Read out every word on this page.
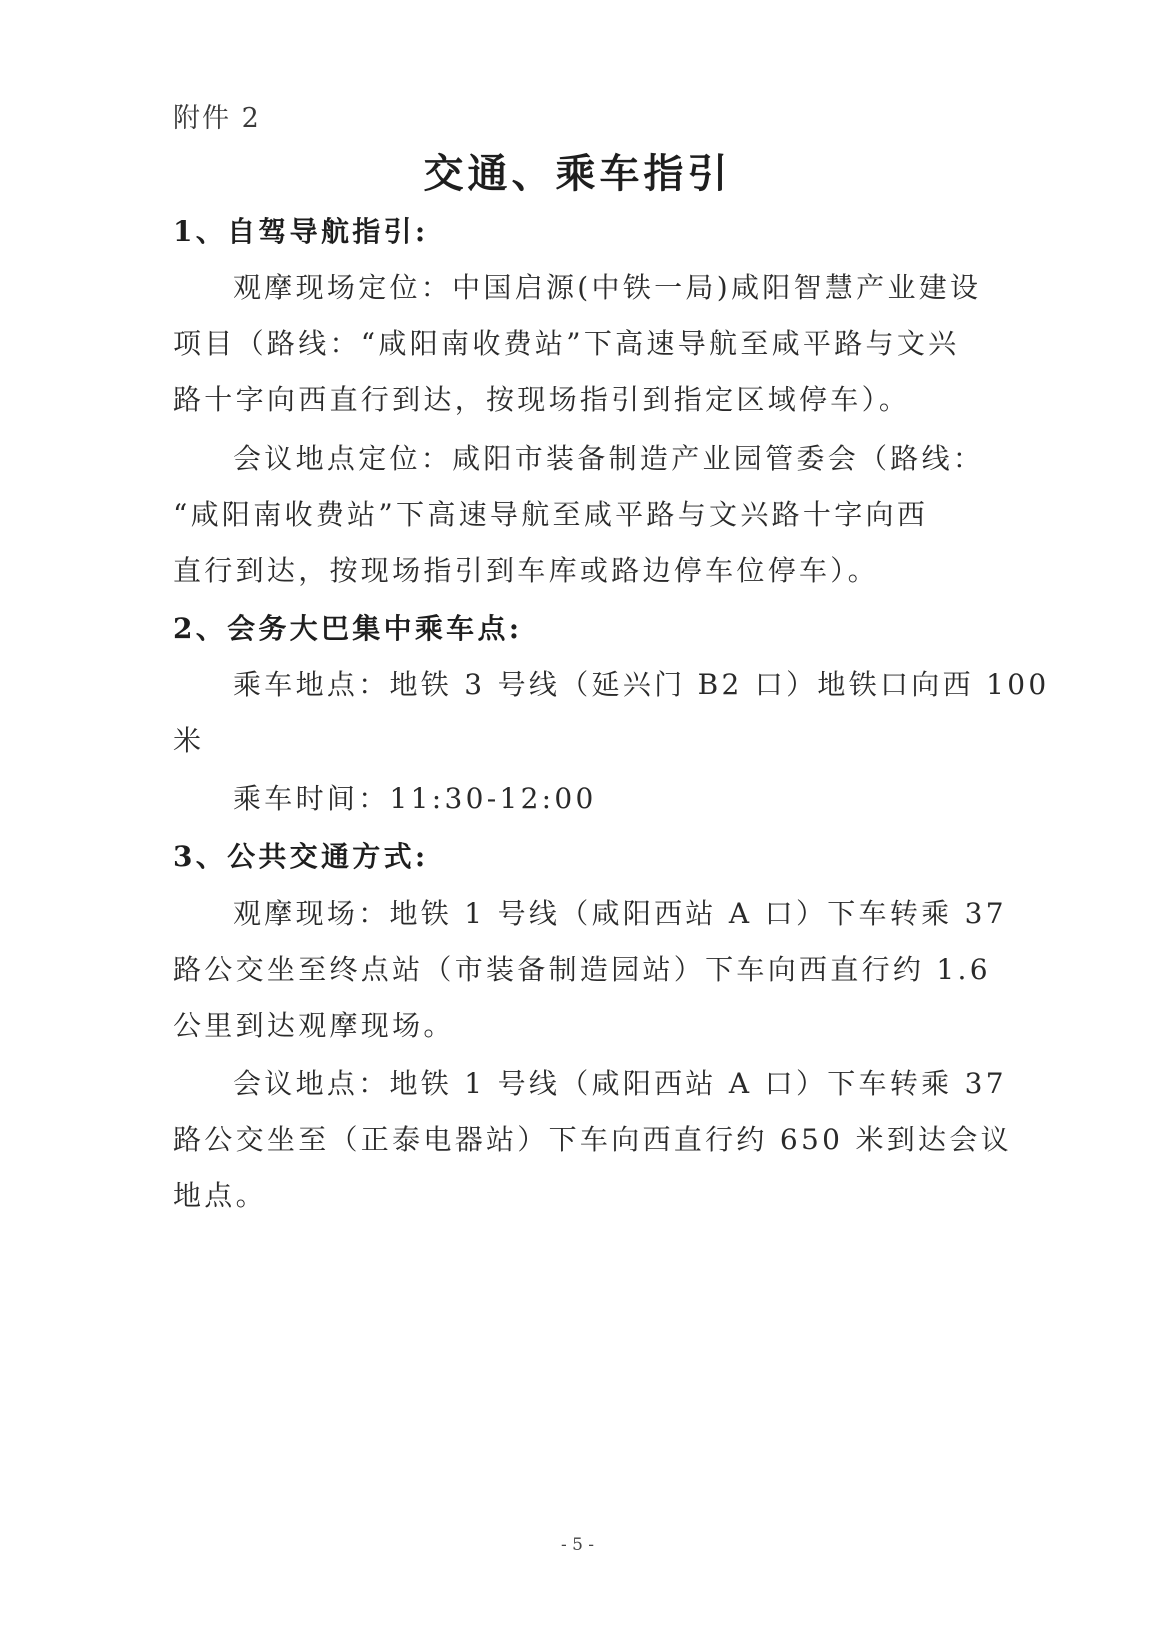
附件 2
交通、乘车指引
1、自驾导航指引:
观摩现场定位：中国启源(中铁一局)咸阳智慧产业建设
项目（路线：“咸阳南收费站”下高速导航至咸平路与文兴
路十字向西直行到达，按现场指引到指定区域停车）。
会议地点定位：咸阳市装备制造产业园管委会（路线：
“咸阳南收费站”下高速导航至咸平路与文兴路十字向西
直行到达，按现场指引到车库或路边停车位停车）。
2、会务大巴集中乘车点:
乘车地点：地铁 3 号线（延兴门 B2 口）地铁口向西 100
米
乘车时间：11:30-12:00
3、公共交通方式:
观摩现场：地铁 1 号线（咸阳西站 A 口）下车转乘 37
路公交坐至终点站（市装备制造园站）下车向西直行约 1.6
公里到达观摩现场。
会议地点：地铁 1 号线（咸阳西站 A 口）下车转乘 37
路公交坐至（正泰电器站）下车向西直行约 650 米到达会议
地点。
- 5 -
